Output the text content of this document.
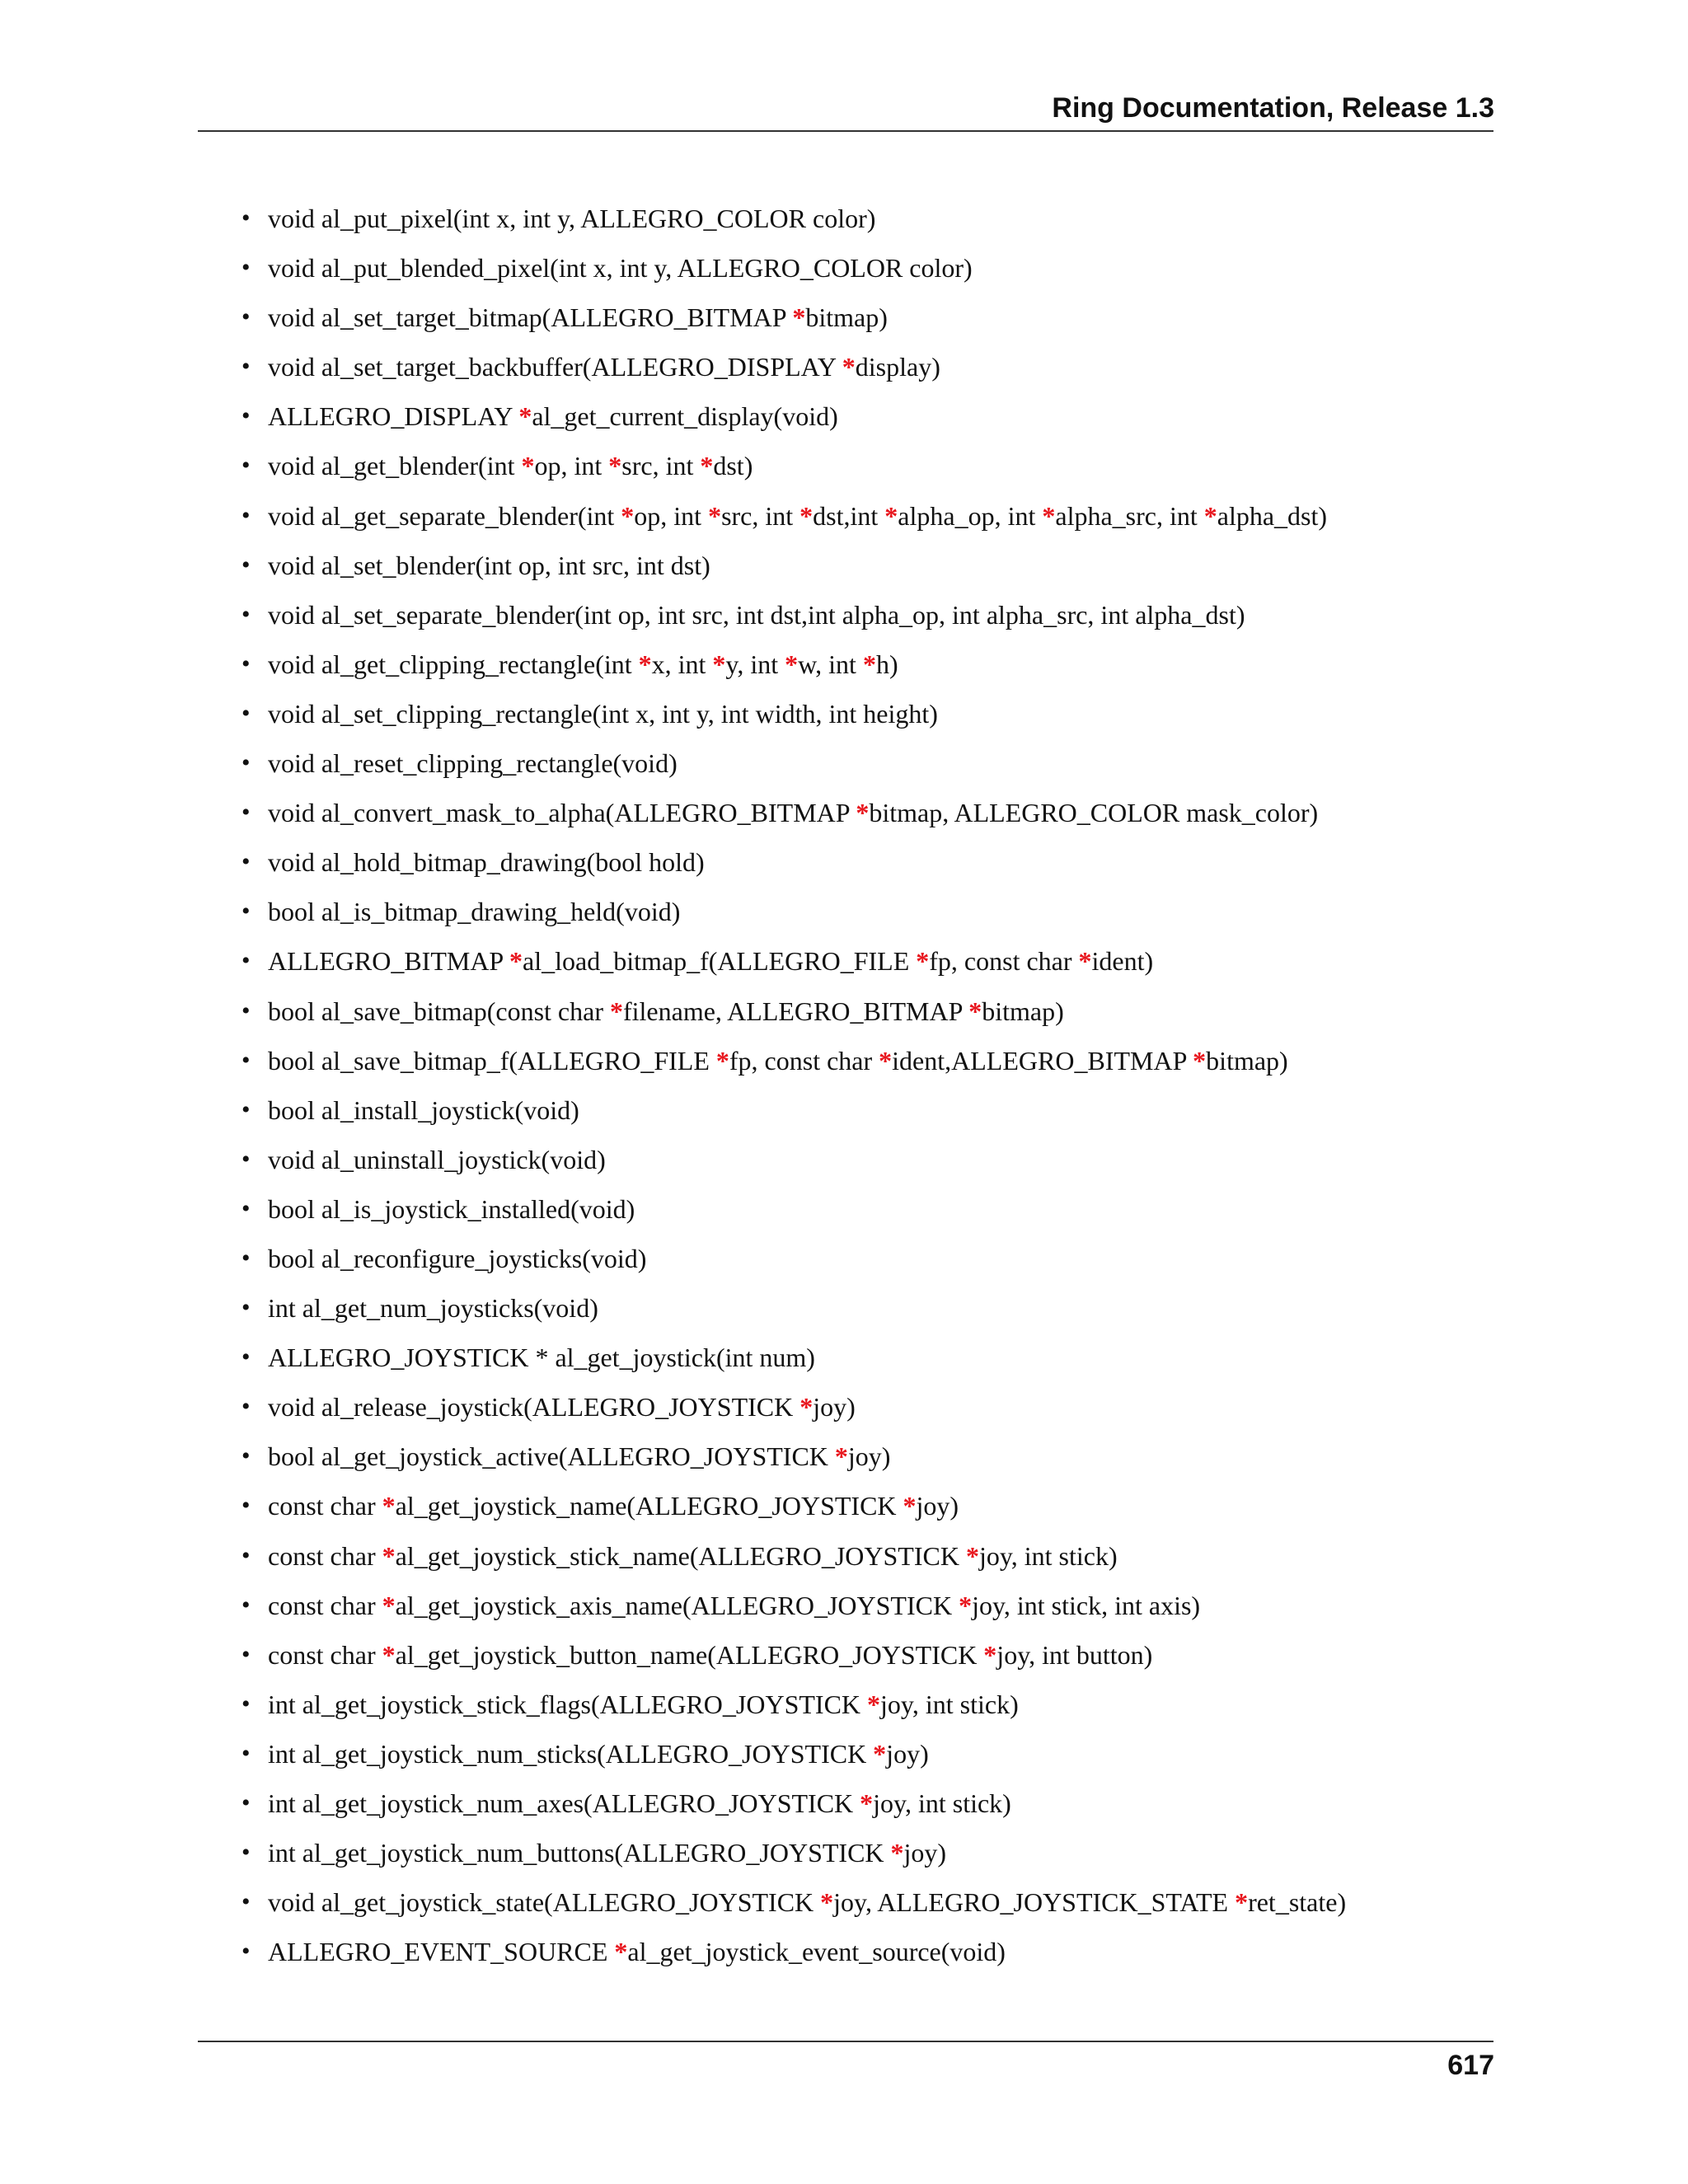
Ring Documentation, Release 1.3
• void al_put_pixel(int x, int y, ALLEGRO_COLOR color)
• void al_put_blended_pixel(int x, int y, ALLEGRO_COLOR color)
• void al_set_target_bitmap(ALLEGRO_BITMAP *bitmap)
• void al_set_target_backbuffer(ALLEGRO_DISPLAY *display)
• ALLEGRO_DISPLAY *al_get_current_display(void)
• void al_get_blender(int *op, int *src, int *dst)
• void al_get_separate_blender(int *op, int *src, int *dst,int *alpha_op, int *alpha_src, int *alpha_dst)
• void al_set_blender(int op, int src, int dst)
• void al_set_separate_blender(int op, int src, int dst,int alpha_op, int alpha_src, int alpha_dst)
• void al_get_clipping_rectangle(int *x, int *y, int *w, int *h)
• void al_set_clipping_rectangle(int x, int y, int width, int height)
• void al_reset_clipping_rectangle(void)
• void al_convert_mask_to_alpha(ALLEGRO_BITMAP *bitmap, ALLEGRO_COLOR mask_color)
• void al_hold_bitmap_drawing(bool hold)
• bool al_is_bitmap_drawing_held(void)
• ALLEGRO_BITMAP *al_load_bitmap_f(ALLEGRO_FILE *fp, const char *ident)
• bool al_save_bitmap(const char *filename, ALLEGRO_BITMAP *bitmap)
• bool al_save_bitmap_f(ALLEGRO_FILE *fp, const char *ident,ALLEGRO_BITMAP *bitmap)
• bool al_install_joystick(void)
• void al_uninstall_joystick(void)
• bool al_is_joystick_installed(void)
• bool al_reconfigure_joysticks(void)
• int al_get_num_joysticks(void)
• ALLEGRO_JOYSTICK * al_get_joystick(int num)
• void al_release_joystick(ALLEGRO_JOYSTICK *joy)
• bool al_get_joystick_active(ALLEGRO_JOYSTICK *joy)
• const char *al_get_joystick_name(ALLEGRO_JOYSTICK *joy)
• const char *al_get_joystick_stick_name(ALLEGRO_JOYSTICK *joy, int stick)
• const char *al_get_joystick_axis_name(ALLEGRO_JOYSTICK *joy, int stick, int axis)
• const char *al_get_joystick_button_name(ALLEGRO_JOYSTICK *joy, int button)
• int al_get_joystick_stick_flags(ALLEGRO_JOYSTICK *joy, int stick)
• int al_get_joystick_num_sticks(ALLEGRO_JOYSTICK *joy)
• int al_get_joystick_num_axes(ALLEGRO_JOYSTICK *joy, int stick)
• int al_get_joystick_num_buttons(ALLEGRO_JOYSTICK *joy)
• void al_get_joystick_state(ALLEGRO_JOYSTICK *joy, ALLEGRO_JOYSTICK_STATE *ret_state)
• ALLEGRO_EVENT_SOURCE *al_get_joystick_event_source(void)
617
